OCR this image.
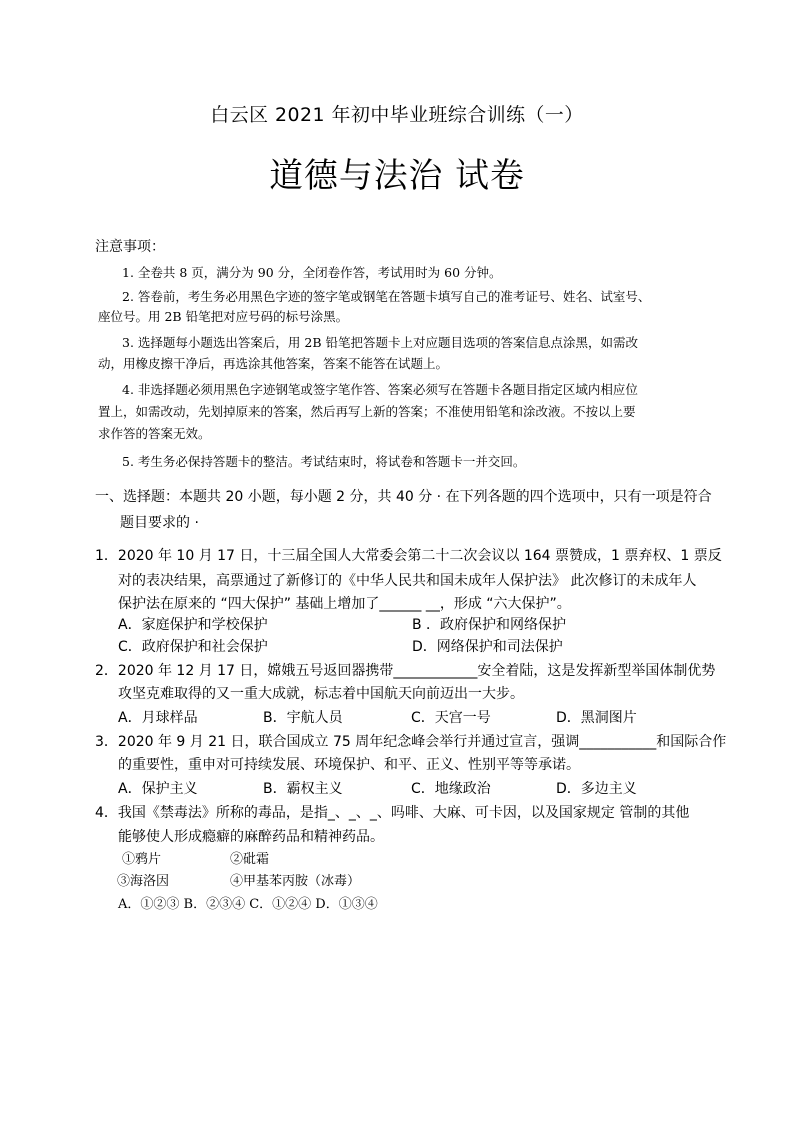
白云区 2021 年初中毕业班综合训练（一）
道德与法治 试卷
注意事项：
1. 全卷共 8 页，满分为 90 分，全闭卷作答，考试用时为 60 分钟。
2. 答卷前，考生务必用黑色字迹的签字笔或钢笔在答题卡填写自己的准考证号、姓名、试室号、
座位号。用 2B 铅笔把对应号码的标号涂黑。
3. 选择题每小题选出答案后，用 2B 铅笔把答题卡上对应题目选项的答案信息点涂黑，如需改
动，用橡皮擦干净后，再选涂其他答案，答案不能答在试题上。
4. 非选择题必须用黑色字迹钢笔或签字笔作答、答案必须写在答题卡各题目指定区域内相应位
置上，如需改动，先划掉原来的答案，然后再写上新的答案；不准使用铅笔和涂改液。不按以上要
求作答的答案无效。
5. 考生务必保持答题卡的整洁。考试结束时，将试卷和答题卡一并交回。
一、选择题：本题共 20 小题，每小题 2 分，共 40 分 · 在下列各题的四个选项中，只有一项是符合
题目要求的 ·
1．2020 年 10 月 17 日，十三届全国人大常委会第二十二次会议以 164 票赞成，1 票弃权、1 票反
对的表决结果，高票通过了新修订的《中华人民共和国未成年人保护法》 此次修订的未成年人
保护法在原来的 “四大保护” 基础上增加了______ __，形成 “六大保护”。
A．家庭保护和学校保护	B ．政府保护和网络保护
C．政府保护和社会保护	D．网络保护和司法保护
2．2020 年 12 月 17 日，嫦娥五号返回器携带____________安全着陆，这是发挥新型举国体制优势
攻坚克难取得的又一重大成就，标志着中国航天向前迈出一大步。
A．月球样品	B．宇航人员	C．天宫一号	D．黑洞图片
3．2020 年 9 月 21 日，联合国成立 75 周年纪念峰会举行并通过宣言，强调___________和国际合作
的重要性，重申对可持续发展、环境保护、和平、正义、性别平等等承诺。
A．保护主义	B．霸权主义	C．地缘政治	D．多边主义
4．我国《禁毒法》所称的毒品，是指_、_、_、吗啡、大麻、可卡因，以及国家规定 管制的其他
能够使人形成瘾癖的麻醉药品和精神药品。
①鸦片	②砒霜
③海洛因	④甲基苯丙胺（冰毒）
A．①②③ B．②③④ C．①②④ D．①③④
